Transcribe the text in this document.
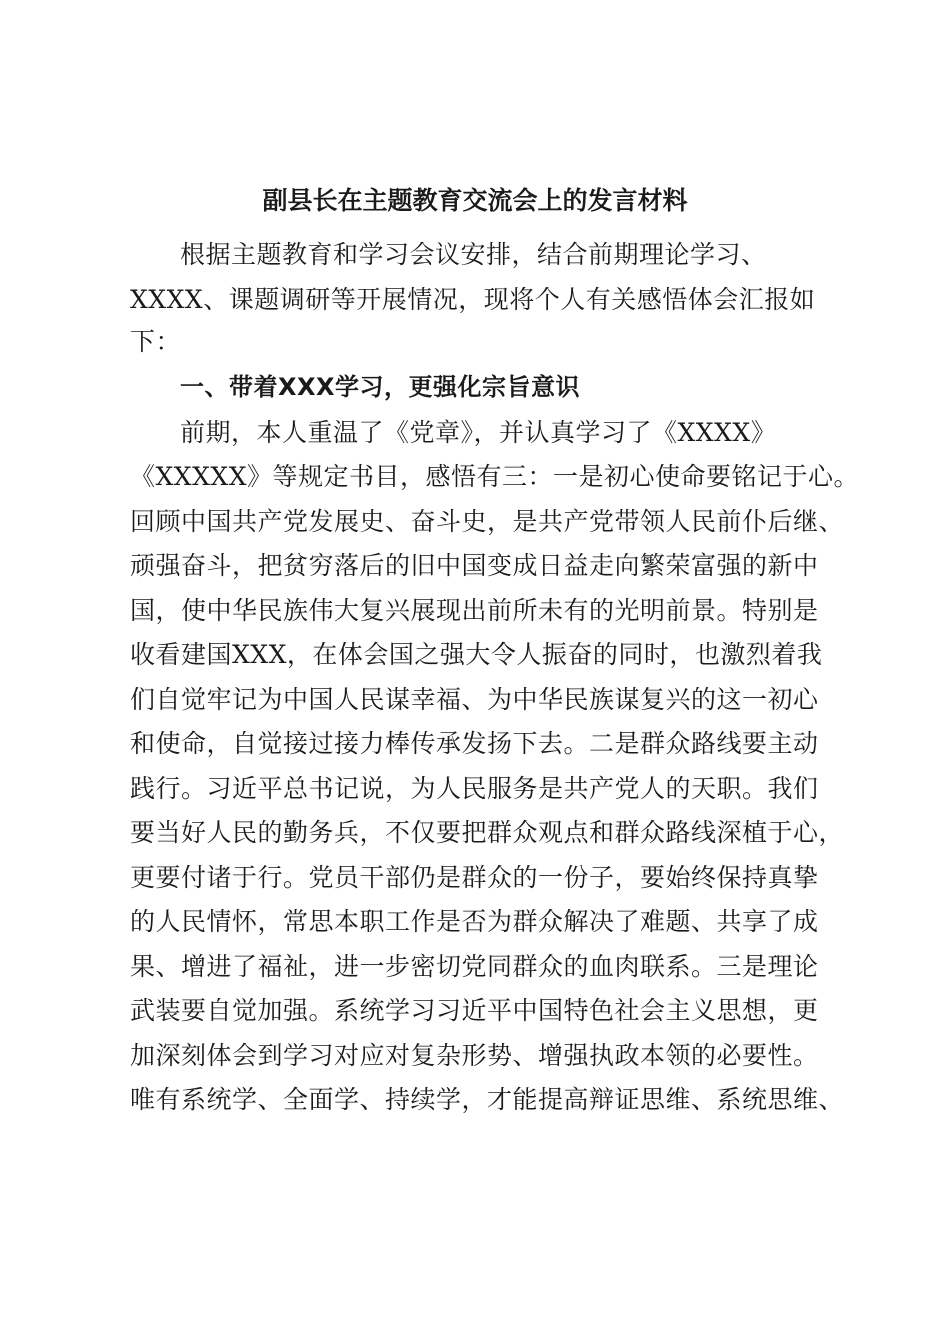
副县长在主题教育交流会上的发言材料
根据主题教育和学习会议安排，结合前期理论学习、
XXXX、课题调研等开展情况，现将个人有关感悟体会汇报如
下：
一、带着XXX学习，更强化宗旨意识
前期，本人重温了《党章》，并认真学习了《XXXX》
《XXXXX》等规定书目，感悟有三：一是初心使命要铭记于心。
回顾中国共产党发展史、奋斗史，是共产党带领人民前仆后继、
顽强奋斗，把贫穷落后的旧中国变成日益走向繁荣富强的新中
国，使中华民族伟大复兴展现出前所未有的光明前景。特别是
收看建国XXX，在体会国之强大令人振奋的同时，也激烈着我
们自觉牢记为中国人民谋幸福、为中华民族谋复兴的这一初心
和使命，自觉接过接力棒传承发扬下去。二是群众路线要主动
践行。习近平总书记说，为人民服务是共产党人的天职。我们
要当好人民的勤务兵，不仅要把群众观点和群众路线深植于心，
更要付诸于行。党员干部仍是群众的一份子，要始终保持真挚
的人民情怀，常思本职工作是否为群众解决了难题、共享了成
果、增进了福祉，进一步密切党同群众的血肉联系。三是理论
武装要自觉加强。系统学习习近平中国特色社会主义思想，更
加深刻体会到学习对应对复杂形势、增强执政本领的必要性。
唯有系统学、全面学、持续学，才能提高辩证思维、系统思维、
